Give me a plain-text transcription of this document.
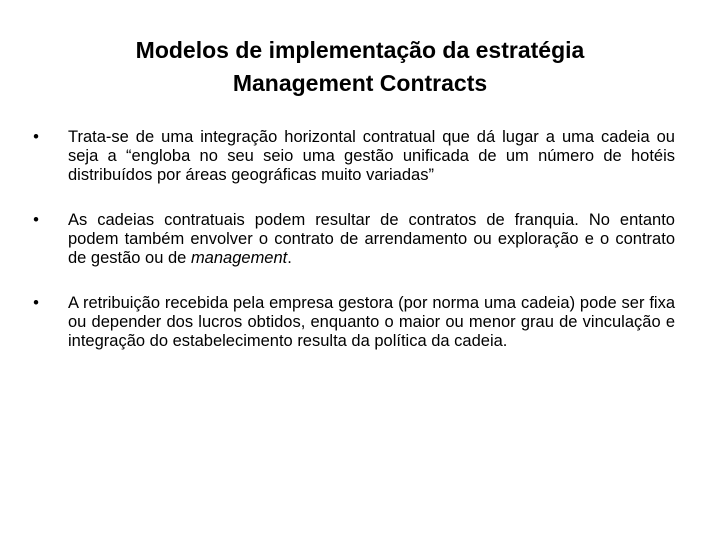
Modelos de implementação da estratégia
Management Contracts
• Trata-se de uma integração horizontal contratual que dá lugar a uma cadeia ou seja a “engloba no seu seio uma gestão unificada de um número de hotéis distribuídos por áreas geográficas muito variadas”
• As cadeias contratuais podem resultar de contratos de franquia. No entanto podem também envolver o contrato de arrendamento ou exploração e o contrato de gestão ou de management.
• A retribuição recebida pela empresa gestora (por norma uma cadeia) pode ser fixa ou depender dos lucros obtidos, enquanto o maior ou menor grau de vinculação e integração do estabelecimento resulta da política da cadeia.
